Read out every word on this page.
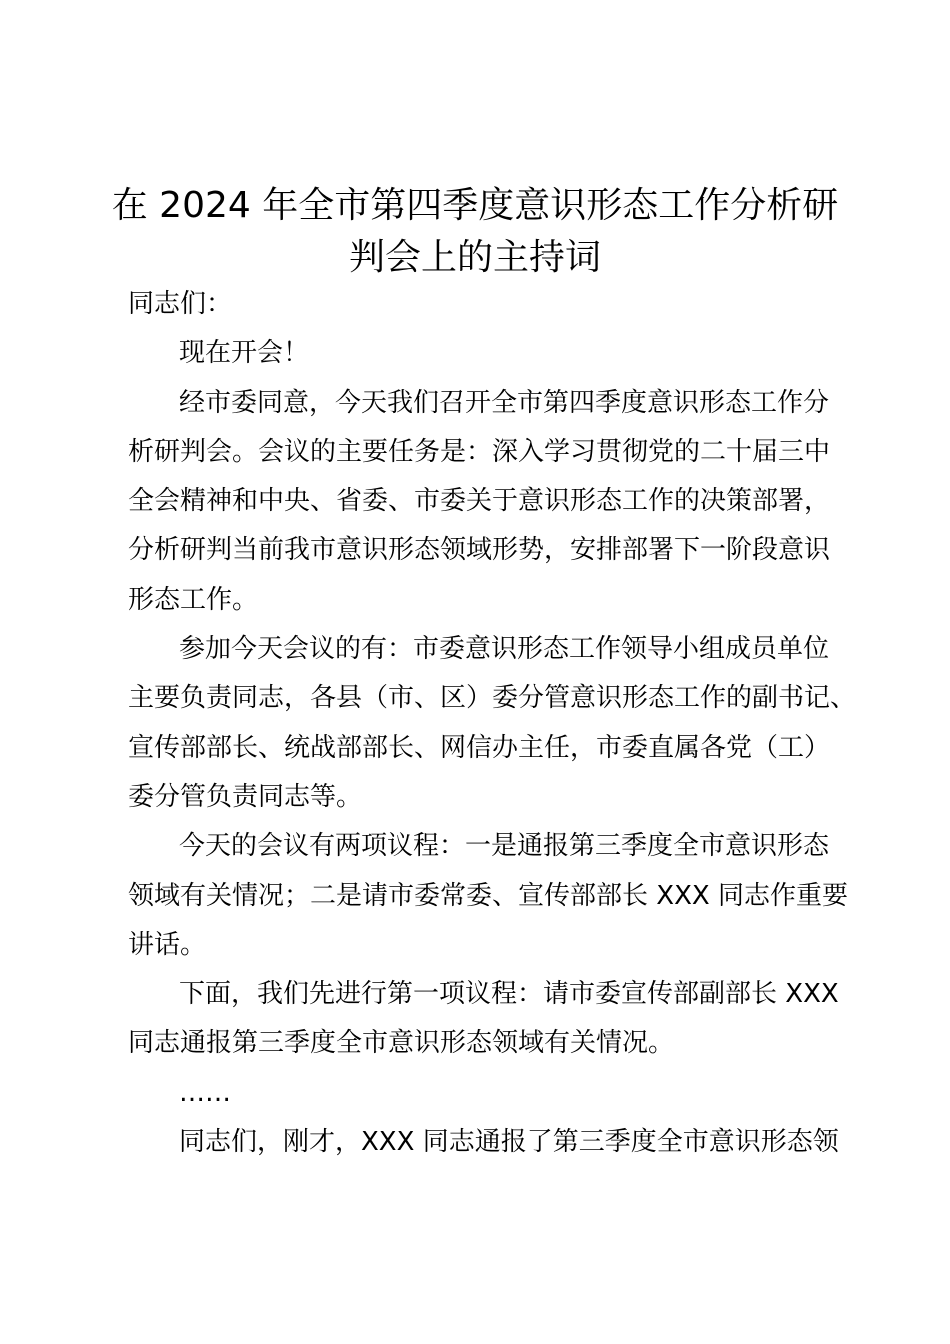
在 2024 年全市第四季度意识形态工作分析研
判会上的主持词
同志们：
现在开会！
经市委同意，今天我们召开全市第四季度意识形态工作分
析研判会。会议的主要任务是：深入学习贯彻党的二十届三中
全会精神和中央、省委、市委关于意识形态工作的决策部署，
分析研判当前我市意识形态领域形势，安排部署下一阶段意识
形态工作。
参加今天会议的有：市委意识形态工作领导小组成员单位
主要负责同志，各县（市、区）委分管意识形态工作的副书记、
宣传部部长、统战部部长、网信办主任，市委直属各党（工）
委分管负责同志等。
今天的会议有两项议程：一是通报第三季度全市意识形态
领域有关情况；二是请市委常委、宣传部部长 XXX 同志作重要
讲话。
下面，我们先进行第一项议程：请市委宣传部副部长 XXX
同志通报第三季度全市意识形态领域有关情况。
……
同志们，刚才，XXX 同志通报了第三季度全市意识形态领
